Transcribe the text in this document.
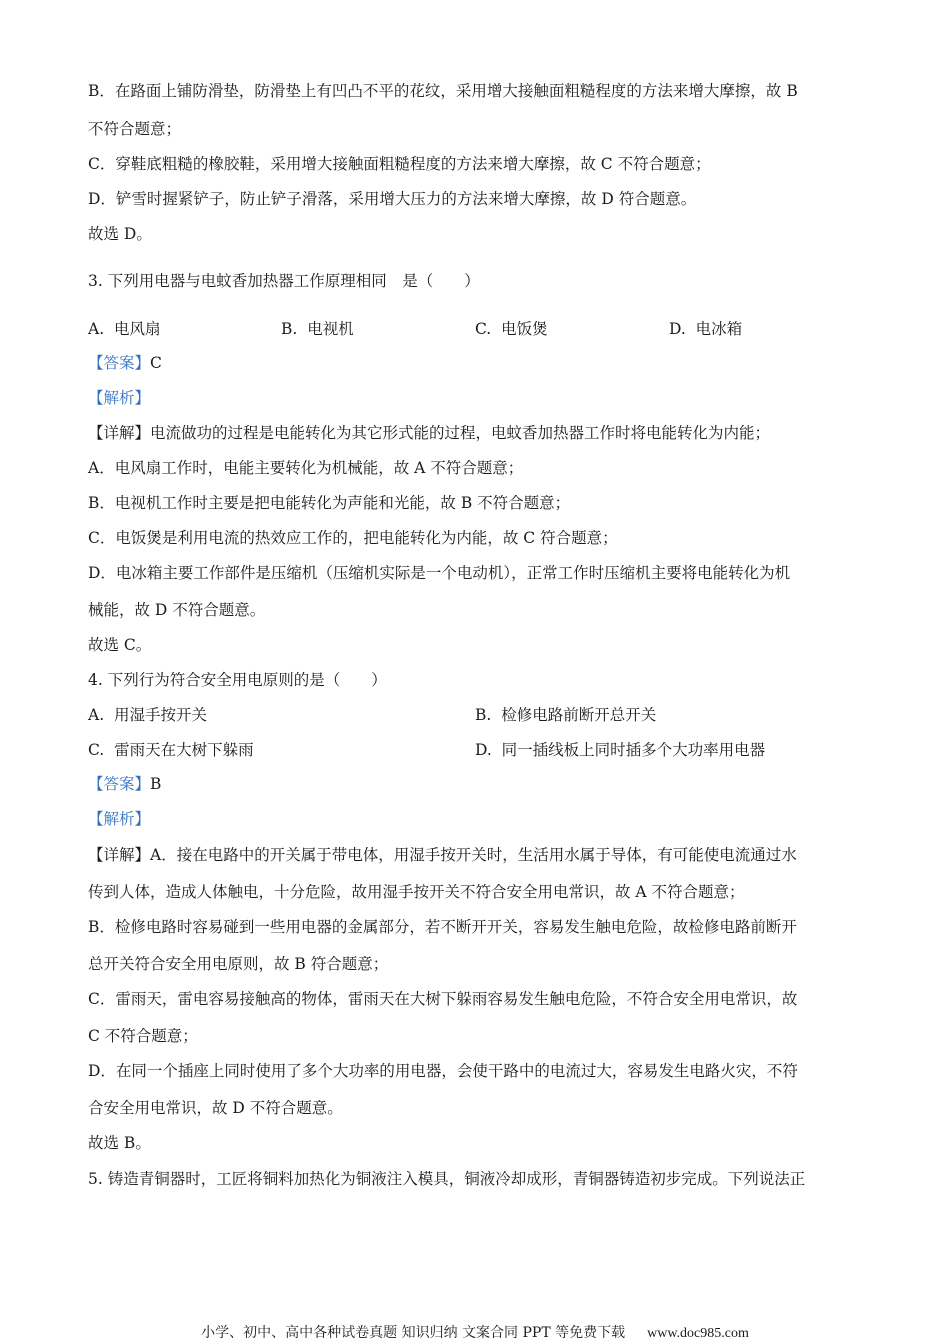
B．在路面上铺防滑垫，防滑垫上有凹凸不平的花纹，采用增大接触面粗糙程度的方法来增大摩擦，故 B
不符合题意；
C．穿鞋底粗糙的橡胶鞋，采用增大接触面粗糙程度的方法来增大摩擦，故 C 不符合题意；
D．铲雪时握紧铲子，防止铲子滑落，采用增大压力的方法来增大摩擦，故 D 符合题意。
故选 D。
3. 下列用电器与电蚊香加热器工作原理相同　是（　　）
A. 电风扇	B. 电视机	C. 电饭煲	D. 电冰箱
【答案】C
【解析】
【详解】电流做功的过程是电能转化为其它形式能的过程，电蚊香加热器工作时将电能转化为内能；
A．电风扇工作时，电能主要转化为机械能，故 A 不符合题意；
B．电视机工作时主要是把电能转化为声能和光能，故 B 不符合题意；
C．电饭煲是利用电流的热效应工作的，把电能转化为内能，故 C 符合题意；
D．电冰箱主要工作部件是压缩机（压缩机实际是一个电动机），正常工作时压缩机主要将电能转化为机
械能，故 D 不符合题意。
故选 C。
4. 下列行为符合安全用电原则的是（　　）
A. 用湿手按开关	B. 检修电路前断开总开关
C. 雷雨天在大树下躲雨	D. 同一插线板上同时插多个大功率用电器
【答案】B
【解析】
【详解】A．接在电路中的开关属于带电体，用湿手按开关时，生活用水属于导体，有可能使电流通过水
传到人体，造成人体触电，十分危险，故用湿手按开关不符合安全用电常识，故 A 不符合题意；
B．检修电路时容易碰到一些用电器的金属部分，若不断开开关，容易发生触电危险，故检修电路前断开
总开关符合安全用电原则，故 B 符合题意；
C．雷雨天，雷电容易接触高的物体，雷雨天在大树下躲雨容易发生触电危险，不符合安全用电常识，故
C 不符合题意；
D．在同一个插座上同时使用了多个大功率的用电器，会使干路中的电流过大，容易发生电路火灾，不符
合安全用电常识，故 D 不符合题意。
故选 B。
5. 铸造青铜器时，工匠将铜料加热化为铜液注入模具，铜液冷却成形，青铜器铸造初步完成。下列说法正
小学、初中、高中各种试卷真题 知识归纳 文案合同 PPT 等免费下载 www.doc985.com
